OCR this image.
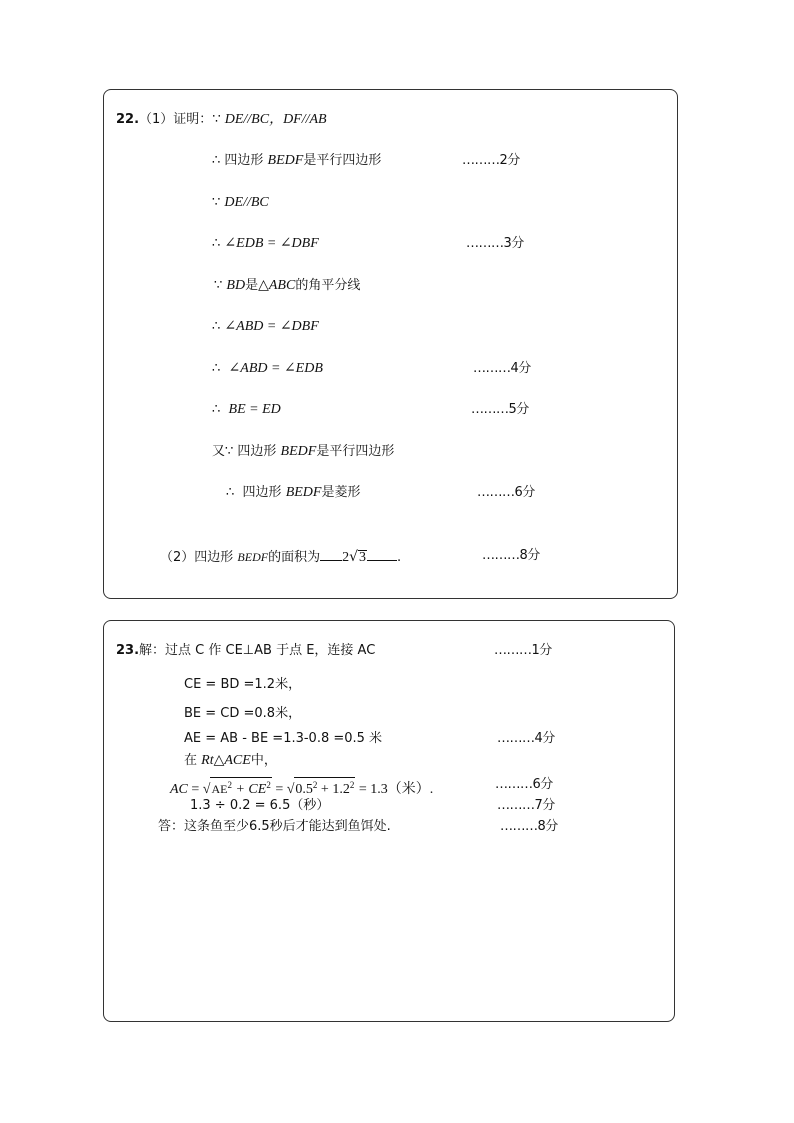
22.（1）证明：∵ DE//BC，DF//AB
∴ 四边形 BEDF是平行四边形	………2分
∵ DE//BC
∴ ∠EDB = ∠DBF	………3分
∵ BD是△ABC的角平分线
∴ ∠ABD = ∠DBF
∴ ∠ABD = ∠EDB	………4分
∴ BE = ED	………5分
又∵ 四边形 BEDF是平行四边形
∴ 四边形 BEDF是菱形	………6分
（2）四边形 BEDF的面积为 2√3 .	………8分
23.解：过点 C 作 CE⊥AB 于点 E，连接 AC	………1分
CE = BD =1.2米，
BE = CD =0.8米，
AE = AB - BE =1.3-0.8 =0.5 米	………4分
在 Rt△ACE中，
AC = $√AE^2 + CE^2 = √0.5^2 + 1.2^2 = 1.3$（米）.	………6分
1.3 ÷ 0.2 = 6.5（秒）	………7分
答：这条鱼至少6.5秒后才能达到鱼饵处.	………8分
